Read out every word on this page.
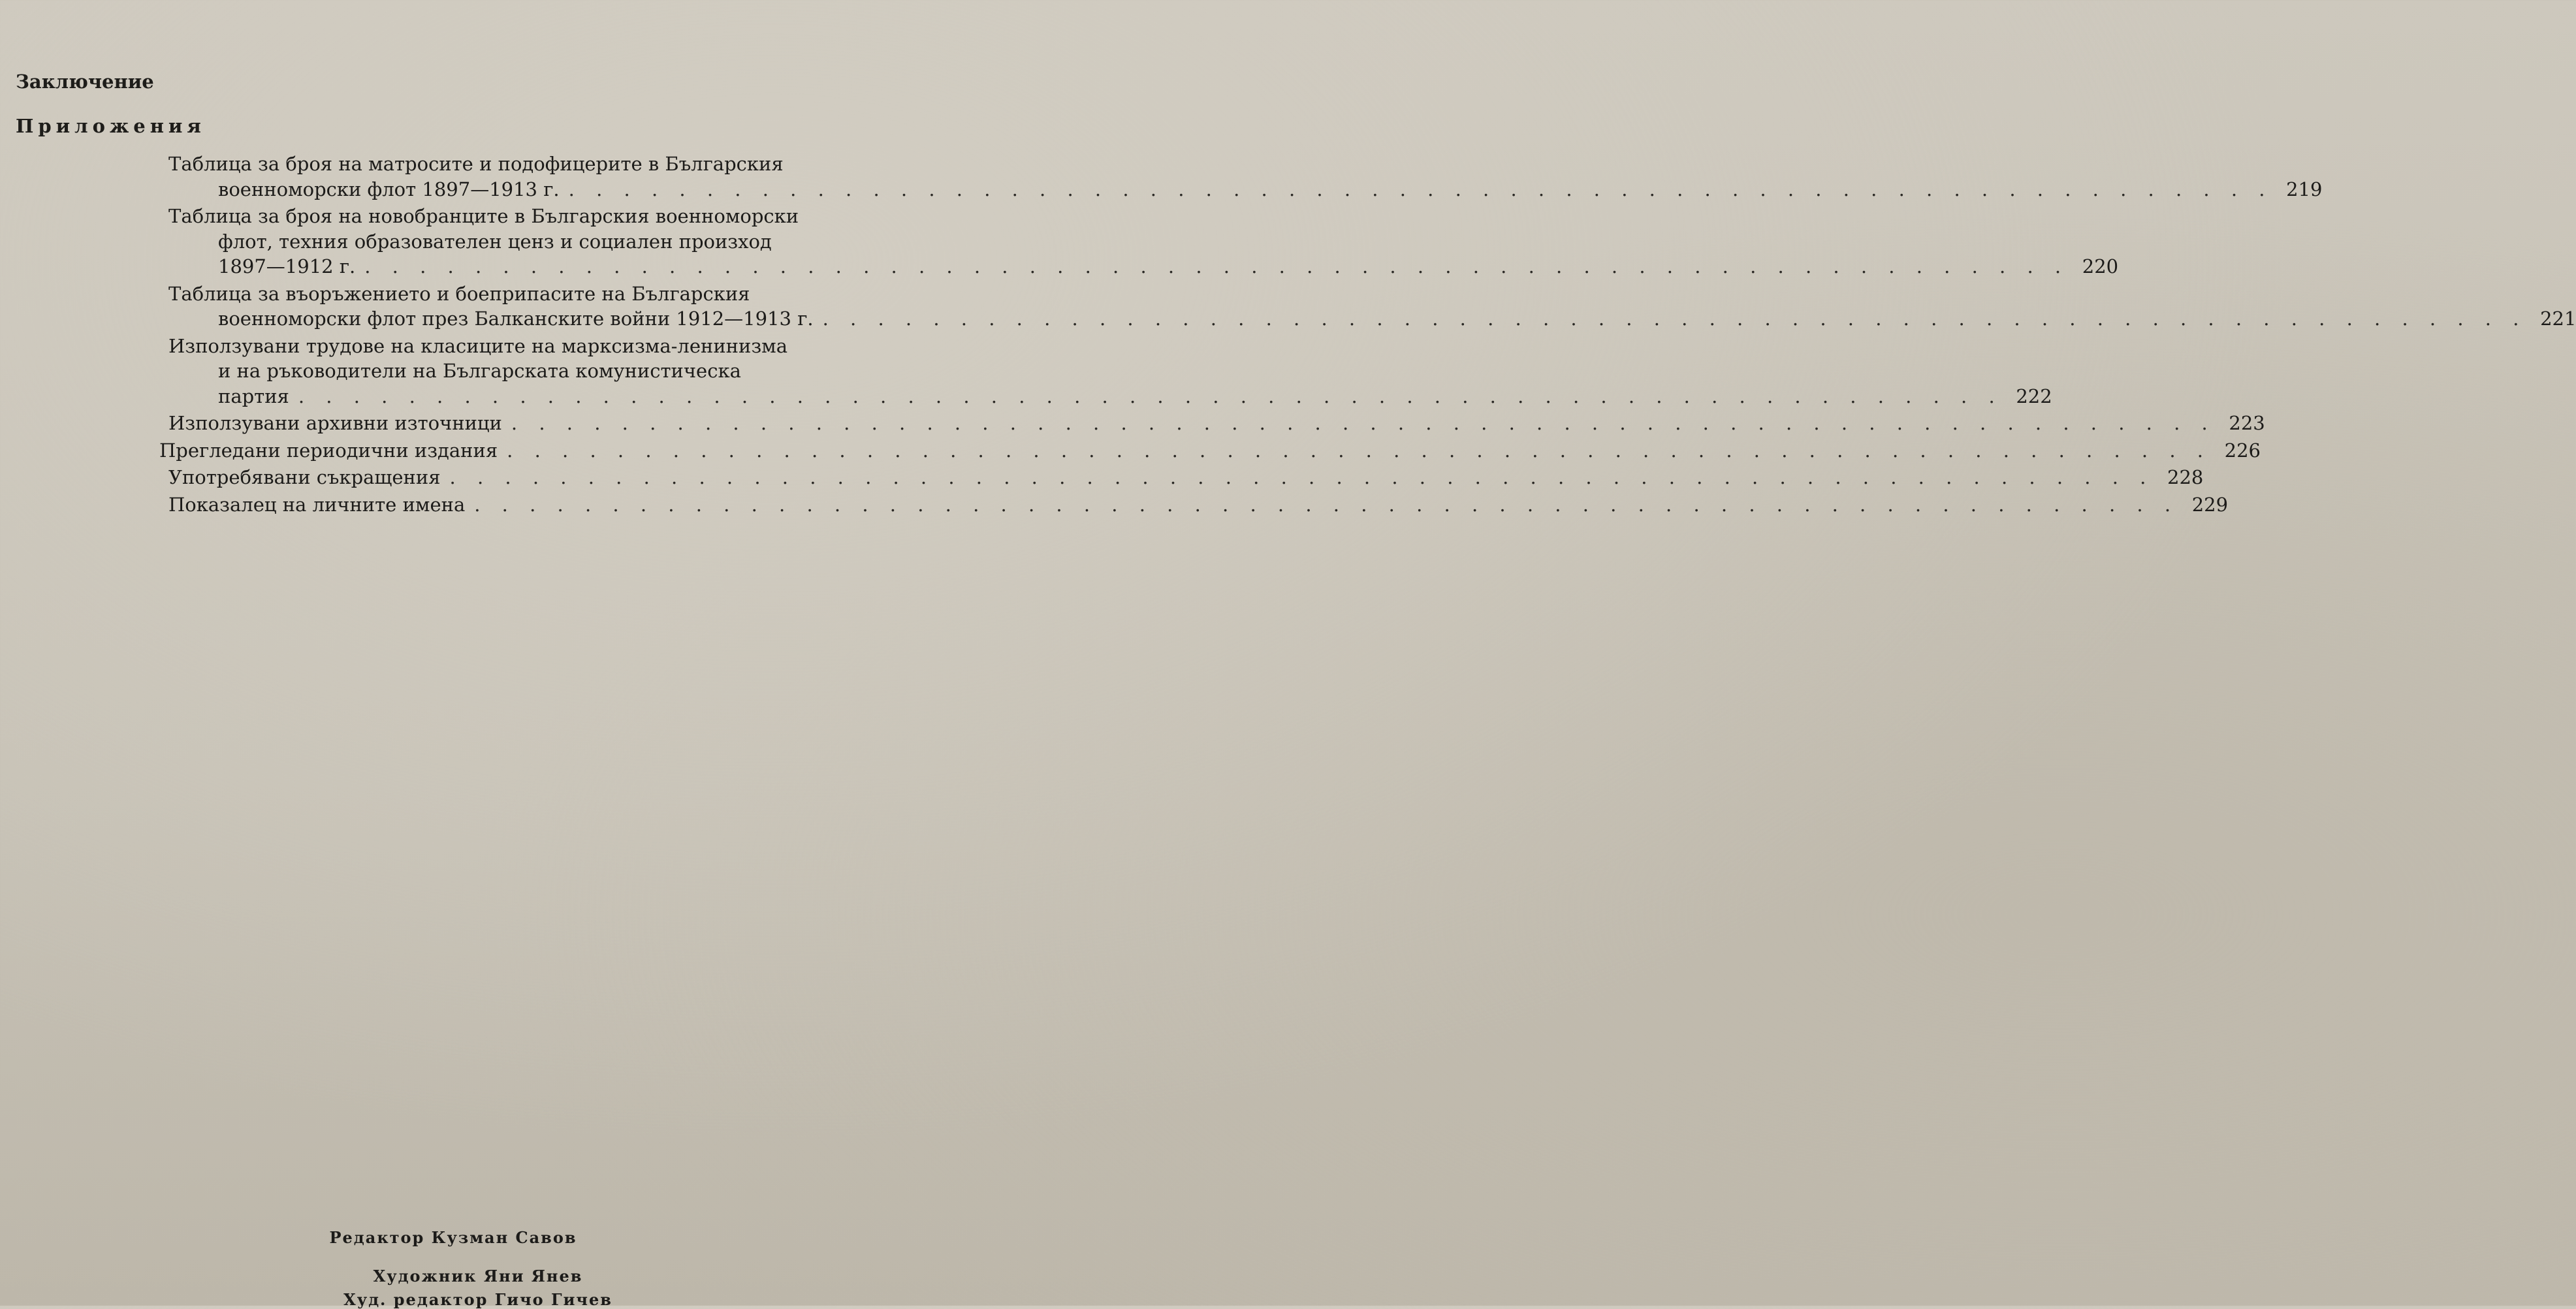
Заключение
Приложения
Таблица за броя на матросите и подофицерите в Българския
военноморски флот 1897—1913 г. . . . . . . . . . . . . . . . . . . . . . . . . . . . . . . . . . . . . . . . . . . . . . . . . . . . . . . . . . . . . . . 219
Таблица за броя на новобранците в Българския военноморски
флот, техния образователен ценз и социален произход
1897—1912 г. . . . . . . . . . . . . . . . . . . . . . . . . . . . . . . . . . . . . . . . . . . . . . . . . . . . . . . . . . . . . . . 220
Таблица за въоръжението и боеприпасите на Българския
военноморски флот през Балканските войни 1912—1913 г. . . . . . . . . . . . . . . . . . . . . . . . . . . . . . . . . . . . . . . . . . . . . . . . . . . . . . . . . . . . . . . 221
Използувани трудове на класиците на марксизма-ленинизма
и на ръководители на Българската комунистическа
партия . . . . . . . . . . . . . . . . . . . . . . . . . . . . . . . . . . . . . . . . . . . . . . . . . . . . . . . . . . . . . . 222
Използувани архивни източници . . . . . . . . . . . . . . . . . . . . . . . . . . . . . . . . . . . . . . . . . . . . . . . . . . . . . . . . . . . . . . 223
Прегледани периодични издания . . . . . . . . . . . . . . . . . . . . . . . . . . . . . . . . . . . . . . . . . . . . . . . . . . . . . . . . . . . . . . 226
Употребявани съкращения . . . . . . . . . . . . . . . . . . . . . . . . . . . . . . . . . . . . . . . . . . . . . . . . . . . . . . . . . . . . . . 228
Показалец на личните имена . . . . . . . . . . . . . . . . . . . . . . . . . . . . . . . . . . . . . . . . . . . . . . . . . . . . . . . . . . . . . . 229
Редактор Кузман Савов
Художник Яни Янев
Худ. редактор Гичо Гичев
